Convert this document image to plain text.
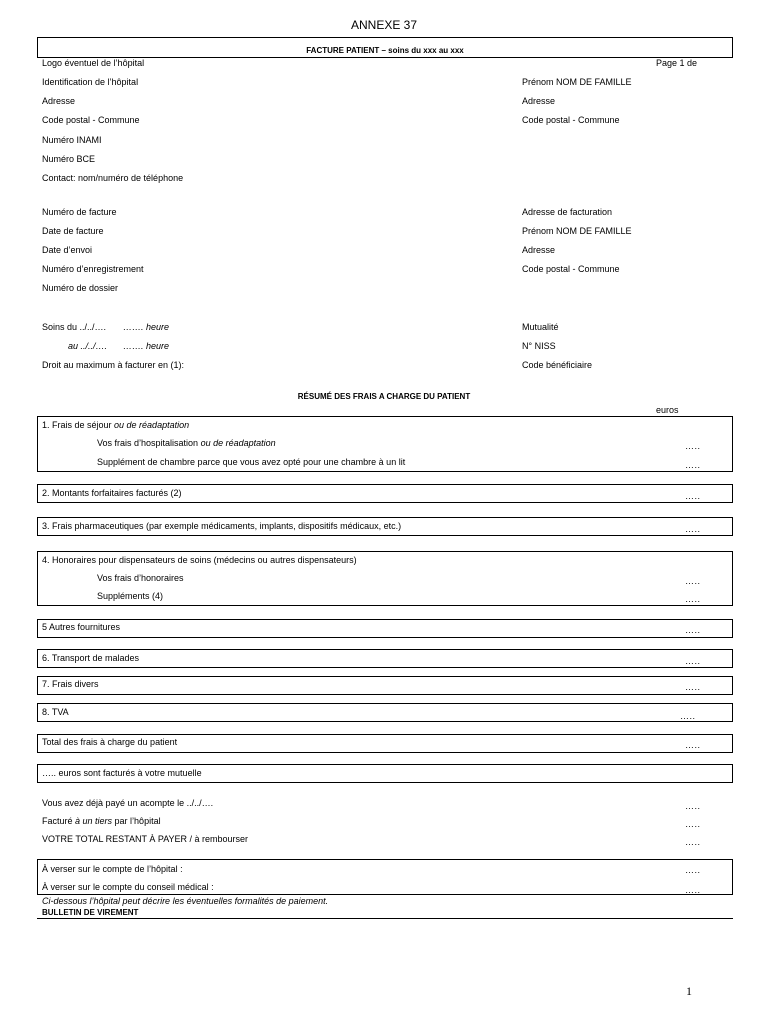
ANNEXE 37
FACTURE PATIENT – soins du xxx au xxx
Logo éventuel de l’hôpital	Page 1 de
Identification de l’hôpital
Adresse
Code postal - Commune
Numéro INAMI
Numéro BCE
Contact: nom/numéro de téléphone
Prénom NOM DE FAMILLE
Adresse
Code postal - Commune
Numéro de facture
Date de facture
Date d’envoi
Numéro d’enregistrement
Numéro de dossier
Adresse de facturation
Prénom NOM DE FAMILLE
Adresse
Code postal - Commune
Soins du ../../…. ……. heure
au ../../…. ……. heure
Droit au maximum à facturer en (1):
Mutualité
N° NISS
Code bénéficiaire
RÉSUMÉ DES FRAIS A CHARGE DU PATIENT
euros
1. Frais de séjour ou de réadaptation
Vos frais d’hospitalisation ou de réadaptation	…..
Supplément de chambre parce que vous avez opté pour une chambre à un lit	…..
2. Montants forfaitaires facturés (2)	…..
3. Frais pharmaceutiques (par exemple médicaments, implants, dispositifs médicaux, etc.)	…..
4. Honoraires pour dispensateurs de soins (médecins ou autres dispensateurs)
Vos frais d’honoraires	…..
Suppléments (4)	…..
5 Autres fournitures	…..
6. Transport de malades	…..
7. Frais divers	…..
8. TVA	…..
Total des frais à charge du patient	…..
….. euros sont facturés à votre mutuelle
Vous avez déjà payé un acompte le ../../….	…..
Facturé à un tiers par l’hôpital	…..
VOTRE TOTAL RESTANT À PAYER / à rembourser	…..
À verser sur le compte de l’hôpital :	…..
À verser sur le compte du conseil médical :	…..
Ci-dessous l’hôpital peut décrire les éventuelles formalités de paiement.
BULLETIN DE VIREMENT
1
